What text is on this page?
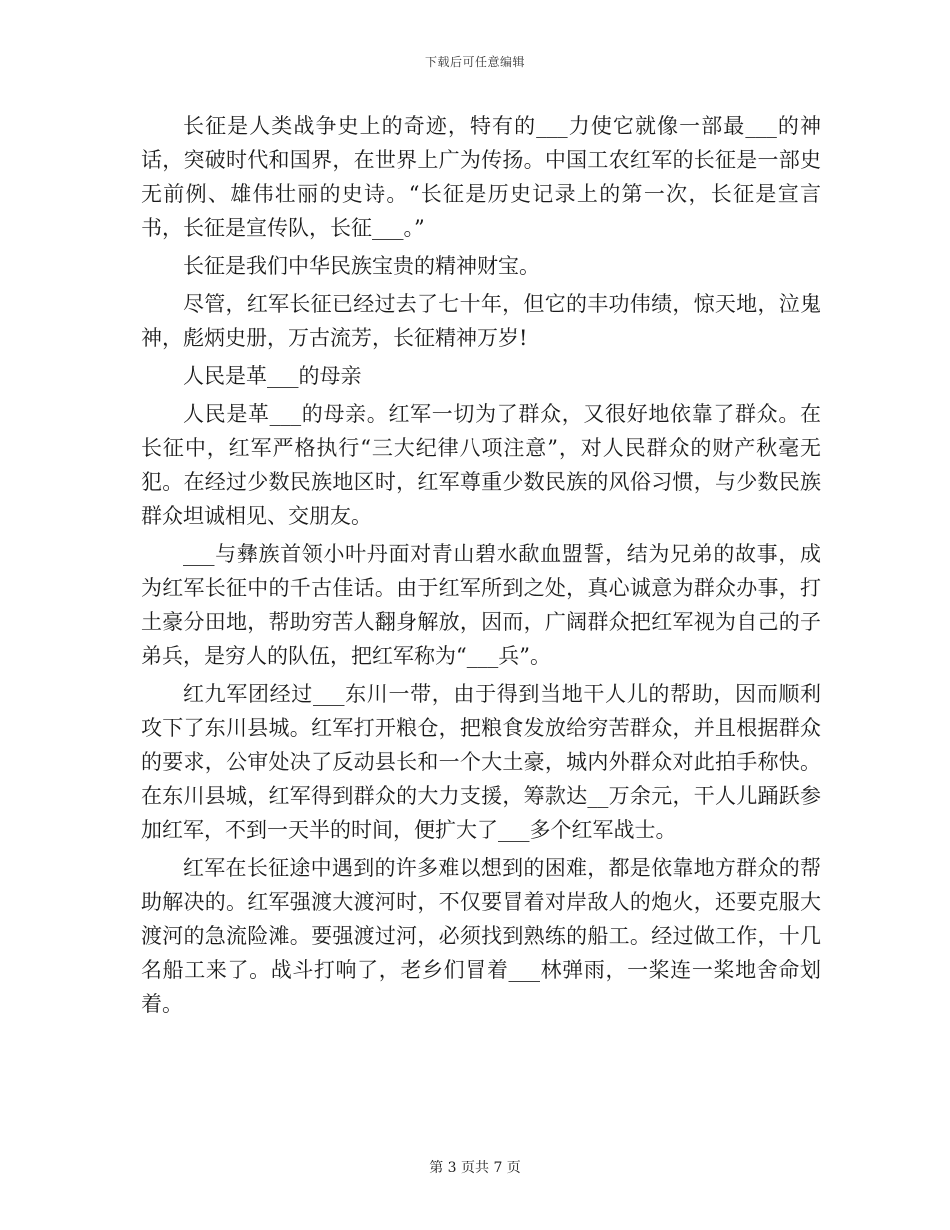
下载后可任意编辑

长征是人类战争史上的奇迹，特有的___力使它就像一部最___的神话，突破时代和国界，在世界上广为传扬。中国工农红军的长征是一部史无前例、雄伟壮丽的史诗。“长征是历史记录上的第一次，长征是宣言书，长征是宣传队，长征___。”

长征是我们中华民族宝贵的精神财宝。

尽管，红军长征已经过去了七十年，但它的丰功伟绩，惊天地，泣鬼神，彪炳史册，万古流芳，长征精神万岁!

人民是革___的母亲

人民是革___的母亲。红军一切为了群众，又很好地依靠了群众。在长征中，红军严格执行“三大纪律八项注意”，对人民群众的财产秋毫无犯。在经过少数民族地区时，红军尊重少数民族的风俗习惯，与少数民族群众坦诚相见、交朋友。

___与彝族首领小叶丹面对青山碧水歃血盟誓，结为兄弟的故事，成为红军长征中的千古佳话。由于红军所到之处，真心诚意为群众办事，打土豪分田地，帮助穷苦人翻身解放，因而，广阔群众把红军视为自己的子弟兵，是穷人的队伍，把红军称为“___兵”。

红九军团经过___东川一带，由于得到当地干人儿的帮助，因而顺利攻下了东川县城。红军打开粮仓，把粮食发放给穷苦群众，并且根据群众的要求，公审处决了反动县长和一个大土豪，城内外群众对此拍手称快。在东川县城，红军得到群众的大力支援，筹款达__万余元，干人儿踊跃参加红军，不到一天半的时间，便扩大了___多个红军战士。

红军在长征途中遇到的许多难以想到的困难，都是依靠地方群众的帮助解决的。红军强渡大渡河时，不仅要冒着对岸敌人的炮火，还要克服大渡河的急流险滩。要强渡过河，必须找到熟练的船工。经过做工作，十几名船工来了。战斗打响了，老乡们冒着___林弹雨，一桨连一桨地舍命划着。

第 3 页共 7 页
